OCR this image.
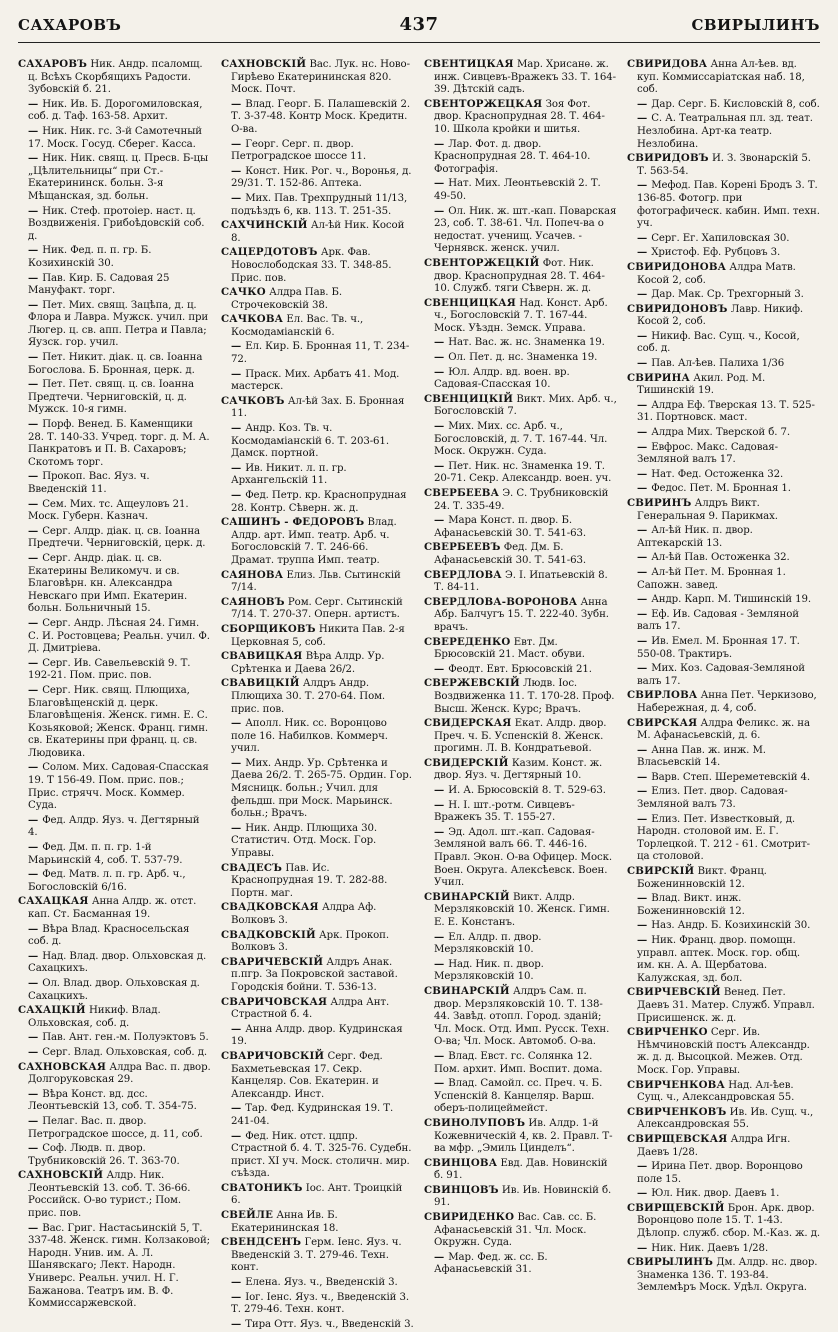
САХАРОВЪ	437	СВИРЫЛИНЪ
САХАРОВЪ Ник. Андр. псаломщ. ц. Всѣхъ Скорбящихъ Радости. Зубовскій б. 21.
— Ник. Ив. Б. Дорогомиловская, соб. д. Таф. 163-58. Архит.
— Ник. Ник. гс. 3-й Самотечный 17. Моск. Госуд. Сберег. Касса.
— Ник. Ник. свящ. ц. Пресв. Б-цы „Цѣлительницы“ при Ст.-Екатерининск. больн. 3-я Мѣщанская, зд. больн.
— Ник. Стеф. протоіер. наст. ц. Воздвиженія. Грибоѣдовскій соб. д.
— Ник. Фед. п. п. гр. Б. Козихинскій 30.
— Пав. Кир. Б. Садовая 25 Мануфакт. торг.
— Пет. Мих. свящ. Зацѣпа, д. ц. Флора и Лавра. Мужск. учил. при Люгер. ц. св. апп. Петра и Павла; Яузск. гор. учил.
— Пет. Никит. діак. ц. св. Іоанна Богослова. Б. Бронная, церк. д.
— Пет. Пет. свящ. ц. св. Іоанна Предтечи. Черниговскій, ц. д. Мужск. 10-я гимн.
— Порф. Венед. Б. Каменщики 28. Т. 140-33. Учред. торг. д. М. А. Панкратовъ и П. В. Сахаровъ; Скотомъ торг.
— Прокоп. Вас. Яуз. ч. Введенскій 11.
— Сем. Мих. тс. Ащеуловъ 21. Моск. Губерн. Казнач.
— Серг. Алдр. діак. ц. св. Іоанна Предтечи. Черниговскій, церк. д.
— Серг. Андр. діак. ц. св. Екатерины Великомуч. и св. Благовѣрн. кн. Александра Невскаго при Имп. Екатерин. больн. Больничный 15.
— Серг. Андр. Лѣсная 24. Гимн. С. И. Ростовцева; Реальн. учил. Ф. Д. Дмитріева.
— Серг. Ив. Савельевскій 9. Т. 192-21. Пом. прис. пов.
— Серг. Ник. свящ. Плющиха, Благовѣщенскій д. церк. Благовѣщенія. Женск. гимн. Е. С. Козьяковой; Женск. Франц. гимн. св. Екатерины при франц. ц. св. Людовика.
— Солом. Мих. Садовая-Спасская 19. Т 156-49. Пом. прис. пов.; Прис. стрячч. Моск. Коммер. Суда.
— Фед. Алдр. Яуз. ч. Дегтярный 4.
— Фед. Дм. п. п. гр. 1-й Марьинскій 4, соб. Т. 537-79.
— Фед. Матв. л. п. гр. Арб. ч., Богословскій 6/16.
САХАЦКАЯ Анна Алдр. ж. отст. кап. Ст. Басманная 19.
— Вѣра Влад. Красносельская соб. д.
— Над. Влад. двор. Ольховская д. Сахацкихъ.
— Ол. Влад. двор. Ольховская д. Сахацкихъ.
САХАЦКІЙ Никиф. Влад. Ольховская, соб. д.
— Пав. Ант. ген.-м. Полуэктовъ 5.
— Серг. Влад. Ольховская, соб. д.
САХНОВСКАЯ Алдра Вас. п. двор. Долгоруковская 29.
— Вѣра Конст. вд. дсс. Леонтьевскій 13, соб. Т. 354-75.
— Пелаг. Вас. п. двор. Петроградское шоссе, д. 11, соб.
— Соф. Людв. п. двор. Трубниковскій 26. Т. 363-70.
САХНОВСКІЙ Алдр. Ник. Леонтьевскій 13. соб. Т. 36-66. Российск. О-во турист.; Пом. прис. пов.
— Вас. Григ. Настасьинскій 5, Т. 337-48. Женск. гимн. Колзаковой; Народн. Унив. им. А. Л. Шанявскаго; Лект. Народн. Универс. Реальн. учил. Н. Г. Бажанова. Театръ им. В. Ф. Коммиссаржевской.
САХНОВСКІЙ Вас. Лук. нс. Ново-Гирѣево Екатерининская 820. Моск. Почт.
— Влад. Георг. Б. Палашевскій 2. Т. 3-37-48. Контр Моск. Кредитн. О-ва.
— Георг. Серг. п. двор. Петроградское шоссе 11.
— Конст. Ник. Рог. ч., Воронья, д. 29/31. Т. 152-86. Аптека.
— Мих. Пав. Трехпрудный 11/13, подъѣздъ 6, кв. 113. Т. 251-35.
САХЧИНСКІЙ Ал-ѣй Ник. Косой 8.
САЦЕРДОТОВЪ Арк. Фав. Новослободская 33. Т. 348-85. Прис. пов.
САЧКО Алдра Пав. Б. Строчековскій 38.
САЧКОВА Ел. Вас. Тв. ч., Космодамiанскій 6.
— Ел. Кир. Б. Бронная 11, Т. 234-72.
— Праск. Мих. Арбатъ 41. Мод. мастерск.
САЧКОВЪ Ал-ѣй Зах. Б. Бронная 11.
— Андр. Коз. Тв. ч. Космодамiанскій 6. Т. 203-61. Дамск. портной.
— Ив. Никит. л. п. гр. Архангельскій 11.
— Фед. Петр. кр. Краснопрудная 28. Контр. Сѣверн. ж. д.
САШИНЪ - ФЕДОРОВЪ Влад. Алдр. арт. Имп. театр. Арб. ч. Богословскій 7. Т. 246-66. Драмат. труппа Имп. театр.
САЯНОВА Елиз. Льв. Сытинскій 7/14.
САЯНОВЪ Ром. Серг. Сытинскій 7/14. Т. 270-37. Оперн. артистъ.
СБОРЩИКОВЪ Никита Пав. 2-я Церковная 5, соб.
СВАВИЦКАЯ Вѣра Алдр. Ур. Срѣтенка и Даева 26/2.
СВАВИЦКІЙ Алдръ Андр. Плющиха 30. Т. 270-64. Пом. прис. пов.
— Аполл. Ник. сс. Воронцово поле 16. Набилков. Коммерч. учил.
— Мих. Андр. Ур. Срѣтенка и Даева 26/2. Т. 265-75. Ордин. Гор. Мясницк. больн.; Учил. для фельдш. при Моск. Марьинск. больн.; Врачъ.
— Ник. Андр. Плющиха 30. Статистич. Отд. Моск. Гор. Управы.
СВАДЕСЪ Пав. Ис. Краснопрудная 19. Т. 282-88. Портн. маг.
СВАДКОВСКАЯ Алдра Аф. Волковъ 3.
СВАДКОВСКІЙ Арк. Прокоп. Волковъ 3.
СВАРИЧЕВСКІЙ Алдръ Анак. п.пгр. За Покровской заставой. Городскія бойни. Т. 536-13.
СВАРИЧОВСКАЯ Алдра Ант. Страстной б. 4.
— Анна Алдр. двор. Кудринская 19.
СВАРИЧОВСКІЙ Серг. Фед. Бахметьевская 17. Секр. Канцеляр. Сов. Екатерин. и Александр. Инст.
— Тар. Фед. Кудринская 19. Т. 241-04.
— Фед. Ник. отст. цдпр. Страстной б. 4. Т. 325-76. Судебн. прист. XI уч. Моск. столичн. мир. съѣзда.
СВАТОНИКЪ Іос. Ант. Троицкій 6.
СВЕЙЛЕ Анна Ив. Б. Екатерининская 18.
СВЕНДСЕНЪ Герм. Іенс. Яуз. ч. Введенскій 3. Т. 279-46. Техн. конт.
— Елена. Яуз. ч., Введенскій 3.
— Іог. Іенс. Яуз. ч., Введенскій 3. Т. 279-46. Техн. конт.
— Тира Отт. Яуз. ч., Введенскій 3.
СВЕНТИЦКАЯ Мар. Хрисанѳ. ж. инж. Сивцевъ-Вражекъ 33. Т. 164-39. Дѣтскій садъ.
СВЕНТОРЖЕЦКАЯ Зоя Фот. двор. Краснопрудная 28. Т. 464-10. Школа кройки и шитья.
— Лар. Фот. д. двор. Краснопрудная 28. Т. 464-10. Фотографія.
— Нат. Мих. Леонтьевскій 2. Т. 49-50.
— Ол. Ник. ж. шт.-кап. Поварская 23, соб. Т. 38-61. Чл. Попеч-ва о недостат. ученищ. Усачев. - Чернявск. женск. учил.
СВЕНТОРЖЕЦКІЙ Фот. Ник. двор. Краснопрудная 28. Т. 464-10. Служб. тяги Сѣверн. ж. д.
СВЕНЦИЦКАЯ Над. Конст. Арб. ч., Богословскій 7. Т. 167-44. Моск. Уѣздн. Земск. Управа.
— Нат. Вас. ж. нс. Знаменка 19.
— Ол. Пет. д. нс. Знаменка 19.
— Юл. Алдр. вд. воен. вр. Садовая-Спасская 10.
СВЕНЦИЦКІЙ Викт. Мих. Арб. ч., Богословскій 7.
— Мих. Мих. сс. Арб. ч., Богословскій, д. 7. Т. 167-44. Чл. Моск. Окружн. Суда.
— Пет. Ник. нс. Знаменка 19. Т. 20-71. Секр. Александр. воен. уч.
СВЕРБЕЕВА Э. С. Трубниковскій 24. Т. 335-49.
— Мара Конст. п. двор. Б. Афанасьевскій 30. Т. 541-63.
СВЕРБЕЕВЪ Фед. Дм. Б. Афанасьевскій 30. Т. 541-63.
СВЕРДЛОВА Э. І. Ипатьевскій 8. Т. 84-11.
СВЕРДЛОВА-ВОРОНОВА Анна Абр. Балчугъ 15. Т. 222-40. Зубн. врачъ.
СВЕРЕДЕНКО Евт. Дм. Брюсовскій 21. Маст. обуви.
— Феодт. Евт. Брюсовскій 21.
СВЕРЖЕВСКІЙ Людв. Іос. Воздвиженка 11. Т. 170-28. Проф. Высш. Женск. Курс; Врачъ.
СВИДЕРСКАЯ Екат. Алдр. двор. Преч. ч. Б. Успенскій 8. Женск. прогимн. Л. В. Кондратьевой.
СВИДЕРСКІЙ Казим. Конст. ж. двор. Яуз. ч. Дегтярный 10.
— И. А. Брюсовскій 8. Т. 529-63.
— Н. І. шт.-ротм. Сивцевъ-Вражекъ 35. Т. 155-27.
— Эд. Адол. шт.-кап. Садовая-Земляной валъ 66. Т. 446-16. Правл. Экон. О-ва Офицер. Моск. Воен. Округа. Алексѣевск. Воен. Учил.
СВИНАРСКІЙ Викт. Алдр. Мерзляковскій 10. Женск. Гимн. Е. Е. Констанъ.
— Ел. Алдр. п. двор. Мерзляковскій 10.
— Над. Ник. п. двор. Мерзляковскій 10.
СВИНАРСКІЙ Алдръ Сам. п. двор. Мерзляковскій 10. Т. 138-44. Завѣд. отопл. Город. зданій; Чл. Моск. Отд. Имп. Русск. Техн. О-ва; Чл. Моск. Автомоб. О-ва.
— Влад. Евст. гс. Солянка 12. Пом. архит. Имп. Воспит. дома.
— Влад. Самойл. сс. Преч. ч. Б. Успенскій 8. Канцеляр. Варш. оберъ-полицеймейст.
СВИНОЛУПОВЪ Ив. Алдр. 1-й Кожевническій 4, кв. 2. Правл. Т-ва мфр. „Эмиль Цинделъ“.
СВИНЦОВА Евд. Дав. Новинскій б. 91.
СВИНЦОВЪ Ив. Ив. Новинскій б. 91.
СВИРИДЕНКО Вас. Сав. сс. Б. Афанасьевскій 31. Чл. Моск. Окружн. Суда.
— Мар. Фед. ж. сс. Б. Афанасьевскій 31.
СВИРИДОВА Анна Ал-ѣев. вд. куп. Коммиссаріатская наб. 18, соб.
— Дар. Серг. Б. Кисловскій 8, соб.
— С. А. Театральная пл. зд. теат. Незлобина. Арт-ка театр. Незлобина.
СВИРИДОВЪ И. З. Звонарскій 5. Т. 563-54.
— Мефод. Пав. Корені Бродъ 3. Т. 136-85. Фотогр. при фотографическ. кабин. Имп. техн. уч.
— Серг. Ег. Хапиловская 30.
— Христоф. Еф. Рубцовъ 3.
СВИРИДОНОВА Алдра Матв. Косой 2, соб.
— Дар. Мак. Ср. Трехгорный 3.
СВИРИДОНОВЪ Лавр. Никиф. Косой 2, соб.
— Никиф. Вас. Сущ. ч., Косой, соб. д.
— Пав. Ал-ѣев. Палиха 1/36
СВИРИНА Акил. Род. М. Тишинскій 19.
— Алдра Еф. Тверская 13. Т. 525-31. Портновск. маст.
— Алдра Мих. Тверской б. 7.
— Евфрос. Макс. Садовая-Земляной валъ 17.
— Нат. Фед. Остоженка 32.
— Федос. Пет. М. Бронная 1.
СВИРИНЪ Алдръ Викт. Генеральная 9. Парикмах.
— Ал-ѣй Ник. п. двор. Аптекарскій 13.
— Ал-ѣй Пав. Остоженка 32.
— Ал-ѣй Пет. М. Бронная 1. Сапожн. завед.
— Андр. Карп. М. Тишинскій 19.
— Еф. Ив. Садовая - Земляной валъ 17.
— Ив. Емел. М. Бронная 17. Т. 550-08. Трактиръ.
— Мих. Коз. Садовая-Земляной валъ 17.
СВИРЛОВА Анна Пет. Черкизово, Набережная, д. 4, соб.
СВИРСКАЯ Алдра Феликс. ж. на М. Афанасьевскій, д. 6.
— Анна Пав. ж. инж. М. Власьевскій 14.
— Варв. Степ. Шереметевскій 4.
— Елиз. Пет. двор. Садовая-Земляной валъ 73.
— Елиз. Пет. Известковый, д. Народн. столовой им. Е. Г. Торлецкой. Т. 212 - 61. Смотрит-ца столовой.
СВИРСКІЙ Викт. Франц. Боженинновскій 12.
— Влад. Викт. инж. Боженинновскій 12.
— Наз. Андр. Б. Козихинскій 30.
— Ник. Франц. двор. помощн. управл. аптек. Моск. гор. общ. им. кн. А. А. Щербатова. Калужская, зд. бол.
СВИРЧЕВСКІЙ Венед. Пет. Даевъ 31. Матер. Служб. Управл. Присишенск. ж. д.
СВИРЧЕНКО Серг. Ив. Нѣмчиновскій постъ Александр. ж. д. д. Высоцкой. Межев. Отд. Моск. Гор. Управы.
СВИРЧЕНКОВА Над. Ал-ѣев. Сущ. ч., Александровская 55.
СВИРЧЕНКОВЪ Ив. Ив. Сущ. ч., Александровская 55.
СВИРЩЕВСКАЯ Алдра Игн. Даевъ 1/28.
— Ирина Пет. двор. Воронцово поле 15.
— Юл. Ник. двор. Даевъ 1.
СВИРЩЕВСКІЙ Брон. Арк. двор. Воронцово поле 15. Т. 1-43. Дѣлопр. служб. сбор. М.-Каз. ж. д.
— Ник. Ник. Даевъ 1/28.
СВИРЫЛИНЪ Дм. Алдр. нс. двор. Знаменка 136. Т. 193-84. Землемѣръ Моск. Удѣл. Округа.
